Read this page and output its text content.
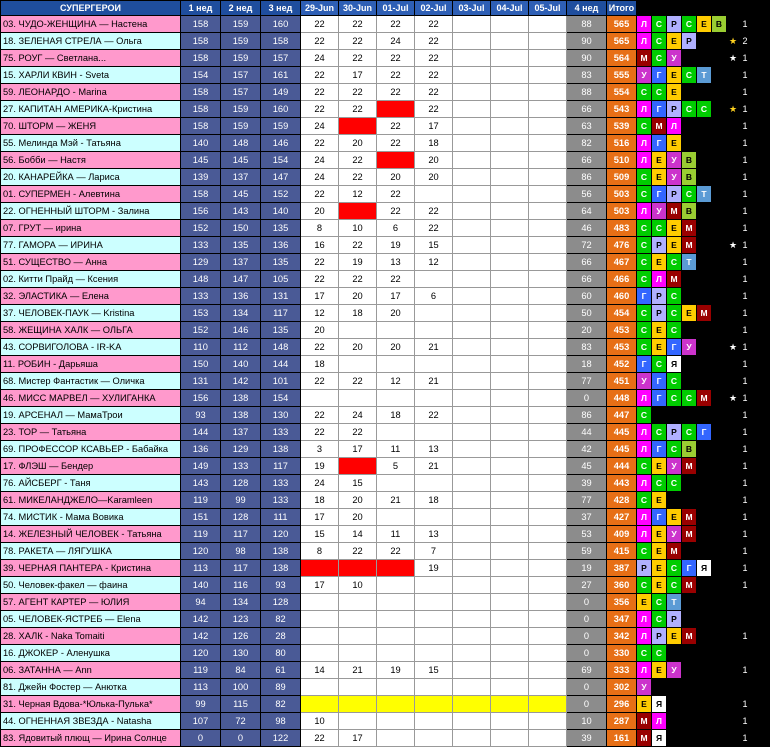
СУПЕРГЕРОИ	1 нед	2 нед	3 нед	29-Jun	30-Jun	01-Jul	02-Jul	03-Jul	04-Jul	05-Jul	4 нед	Итого								
03. ЧУДО-ЖЕНЩИНА — Настена	158	159	160	22	22	22	22				88	565	Л	С	Р	С	Е	В		1
18. ЗЕЛЕНАЯ СТРЕЛА — Ольга	158	159	158	22	22	24	22				90	565	Л	С	Е	Р			★	2
75. РОУГ — Светлана...	158	159	157	24	22	22	22				90	564	М	С	У				★	1
15. ХАРЛИ КВИН - Sveta	154	157	161	22	17	22	22				83	555	У	Г	Е	С	Т			1
59. ЛЕОНАРДО - Marina	158	157	149	22	22	22	22				88	554	С	С	Е					1
27. КАПИТАН АМЕРИКА-Кристина	158	159	160	22	22		22				66	543	Л	Г	Р	С	С		★	1
70. ШТОРМ — ЖЕНЯ	158	159	159	24		22	17				63	539	С	М	Л					1
55. Мелинда Мэй - Татьяна	140	148	146	22	20	22	18				82	516	Л	Г	Е					1
56. Бобби — Настя	145	145	154	24	22		20				66	510	Л	Е	У	В				1
20. КАНАРЕЙКА — Лариса	139	137	147	24	22	20	20				86	509	С	Е	У	В				1
01. СУПЕРМЕН - Алевтина	158	145	152	22	12	22					56	503	С	Г	Р	С	Т			1
22. ОГНЕННЫЙ ШТОРМ - Залина	156	143	140	20		22	22				64	503	Л	У	М	В				1
07. ГРУТ — ирина	152	150	135	8	10	6	22				46	483	С	С	Е	М				1
77. ГАМОРА — ИРИНА	133	135	136	16	22	19	15				72	476	С	Р	Е	М			★	1
51. СУЩЕСТВО — Анна	129	137	135	22	19	13	12				66	467	С	Е	С	Т				1
02. Китти Прайд — Ксения	148	147	105	22	22	22					66	466	С	Л	М					1
32. ЭЛАСТИКА — Елена	133	136	131	17	20	17	6				60	460	Г	Р	С					1
37. ЧЕЛОВЕК-ПАУК — Kristina	153	134	117	12	18	20					50	454	С	Р	С	Е	М			1
58. ЖЕЩИНА ХАЛК — ОЛЬГА	152	146	135	20							20	453	С	Е	С					1
43. СОРВИГОЛОВА - IR-KA	110	112	148	22	20	20	21				83	453	С	Е	Г	У			★	1
11. РОБИН - Дарьяша	150	140	144	18							18	452	Г	С	Я					1
68. Мистер Фантастик — Оличка	131	142	101	22	22	12	21				77	451	У	Г	С					1
46. МИСС МАРВЕЛ — ХУЛИГАНКА	156	138	154								0	448	Л	Г	С	С	М		★	1
19. АРСЕНАЛ — МамаТрои	93	138	130	22	24	18	22				86	447	С							1
23. ТОР — Татьяна	144	137	133	22	22						44	445	Л	С	Р	С	Г			1
69. ПРОФЕССОР КСАВЬЕР - Бабайка	136	129	138	3	17	11	13				42	445	Л	Г	С	В				1
17. ФЛЭШ — Бендер	149	133	117	19		5	21				45	444	С	Е	У	М				1
76. АЙСБЕРГ - Таня	143	128	133	24	15						39	443	Л	С	С					1
61. МИКЕЛАНДЖЕЛО—Karamleen	119	99	133	18	20	21	18				77	428	С	Е						1
74. МИСТИК - Мама Вовика	151	128	111	17	20						37	427	Л	Г	Е	М				1
14. ЖЕЛЕЗНЫЙ ЧЕЛОВЕК - Татьяна	119	117	120	15	14	11	13				53	409	Л	Е	У	М				1
78. РАКЕТА — ЛЯГУШКА	120	98	138	8	22	22	7				59	415	С	Е	М					1
39. ЧЕРНАЯ ПАНТЕРА - Кристина	113	117	138				19				19	387	Р	Е	С	Г	Я			1
50. Человек-факел — фаина	140	116	93	17	10						27	360	С	Е	С	М				1
57. АГЕНТ КАРТЕР — ЮЛИЯ	94	134	128								0	356	Е	С	Т					
05. ЧЕЛОВЕК-ЯСТРЕБ — Elena	142	123	82								0	347	Л	С	Р					
28. ХАЛК - Naka Tomaiti	142	126	28								0	342	Л	Р	Е	М				1
16. ДЖОКЕР - Аленушка	120	130	80								0	330	С	С						
06. ЗАТАННА — Ann	119	84	61	14	21	19	15				69	333	Л	Е	У					1
81. Джейн Фостер — Анютка	113	100	89								0	302	У							
31. Черная Вдова-*Юлька-Пулька*	99	115	82								0	296	Е	Я						1
44. ОГНЕННАЯ ЗВЕЗДА - Natasha	107	72	98	10							10	287	М	Л						1
83. Ядовитый плющ — Ирина Солнце	0	0	122	22	17						39	161	М	Я						1
